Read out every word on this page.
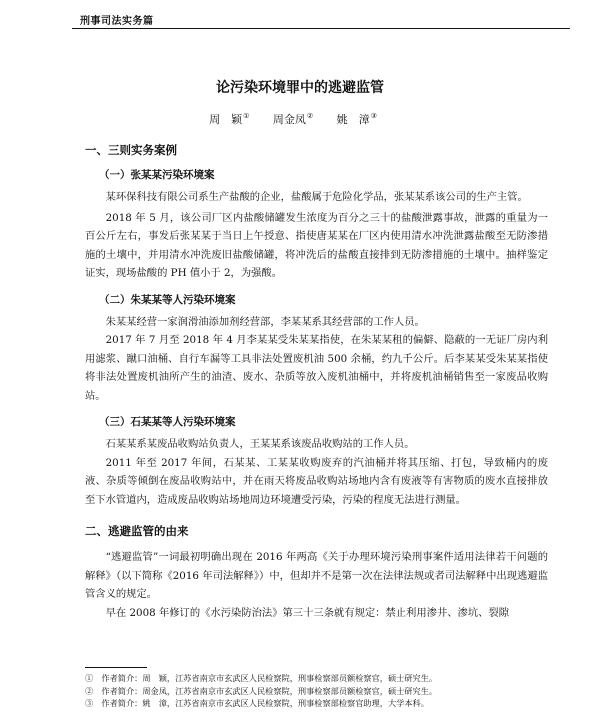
刑事司法实务篇
论污染环境罪中的逃避监管
周　颖① 周金凤② 姚　漳③

一、三则实务案例

（一）张某某污染环境案

某环保科技有限公司系生产盐酸的企业，盐酸属于危险化学品，张某某系该公司的生产主管。

2018 年 5 月，该公司厂区内盐酸储罐发生浓度为百分之三十的盐酸泄露事故，泄露的重量为一百公斤左右，事发后张某某于当日上午授意、指使唐某某在厂区内使用清水冲洗泄露盐酸至无防渗措施的土壤中，并用清水冲洗废旧盐酸储罐，将冲洗后的盐酸直接排到无防渗措施的土壤中。抽样鉴定证实，现场盐酸的 PH 值小于 2，为强酸。

（二）朱某某等人污染环境案

朱某某经营一家润滑油添加剂经营部，李某某系其经营部的工作人员。

2017 年 7 月至 2018 年 4 月李某某受朱某某指使，在朱某某租的偏僻、隐蔽的一无证厂房内利用滤浆、蹴口油桶、自行车漏等工具非法处置废机油 500 余桶，约九千公斤。后李某某受朱某某指使将非法处置废机油所产生的油渣、废水、杂质等放入废机油桶中，并将废机油桶销售至一家废品收购站。

（三）石某某等人污染环境案

石某某系某废品收购站负责人，王某某系该废品收购站的工作人员。

2011 年至 2017 年间，石某某、工某某收购废弃的汽油桶并将其压缩、打包，导致桶内的废液、杂质等倾倒在废品收购站中，并在雨天将废品收购站场地内含有废液等有害物质的废水直接排放至下水管道内，造成废品收购站场地周边环境遭受污染，污染的程度无法进行测量。

二、逃避监管的由来

“逃避监管”一词最初明确出现在 2016 年两高《关于办理环境污染刑事案件适用法律若干问题的解释》（以下简称《2016 年司法解释》）中，但却并不是第一次在法律法规或者司法解释中出现逃避监管含义的规定。

早在 2008 年修订的《水污染防治法》第三十三条就有规定：禁止利用渗井、渗坑、裂隙

①　作者简介：周　颖，江苏省南京市玄武区人民检察院，刑事检察部员额检察官，硕士研究生。

②　作者简介：周金凤，江苏省南京市玄武区人民检察院，刑事检察部员额检察官，硕士研究生。

③　作者简介：姚　漳，江苏省南京市玄武区人民检察院，刑事检察部检察官助理，大学本科。
